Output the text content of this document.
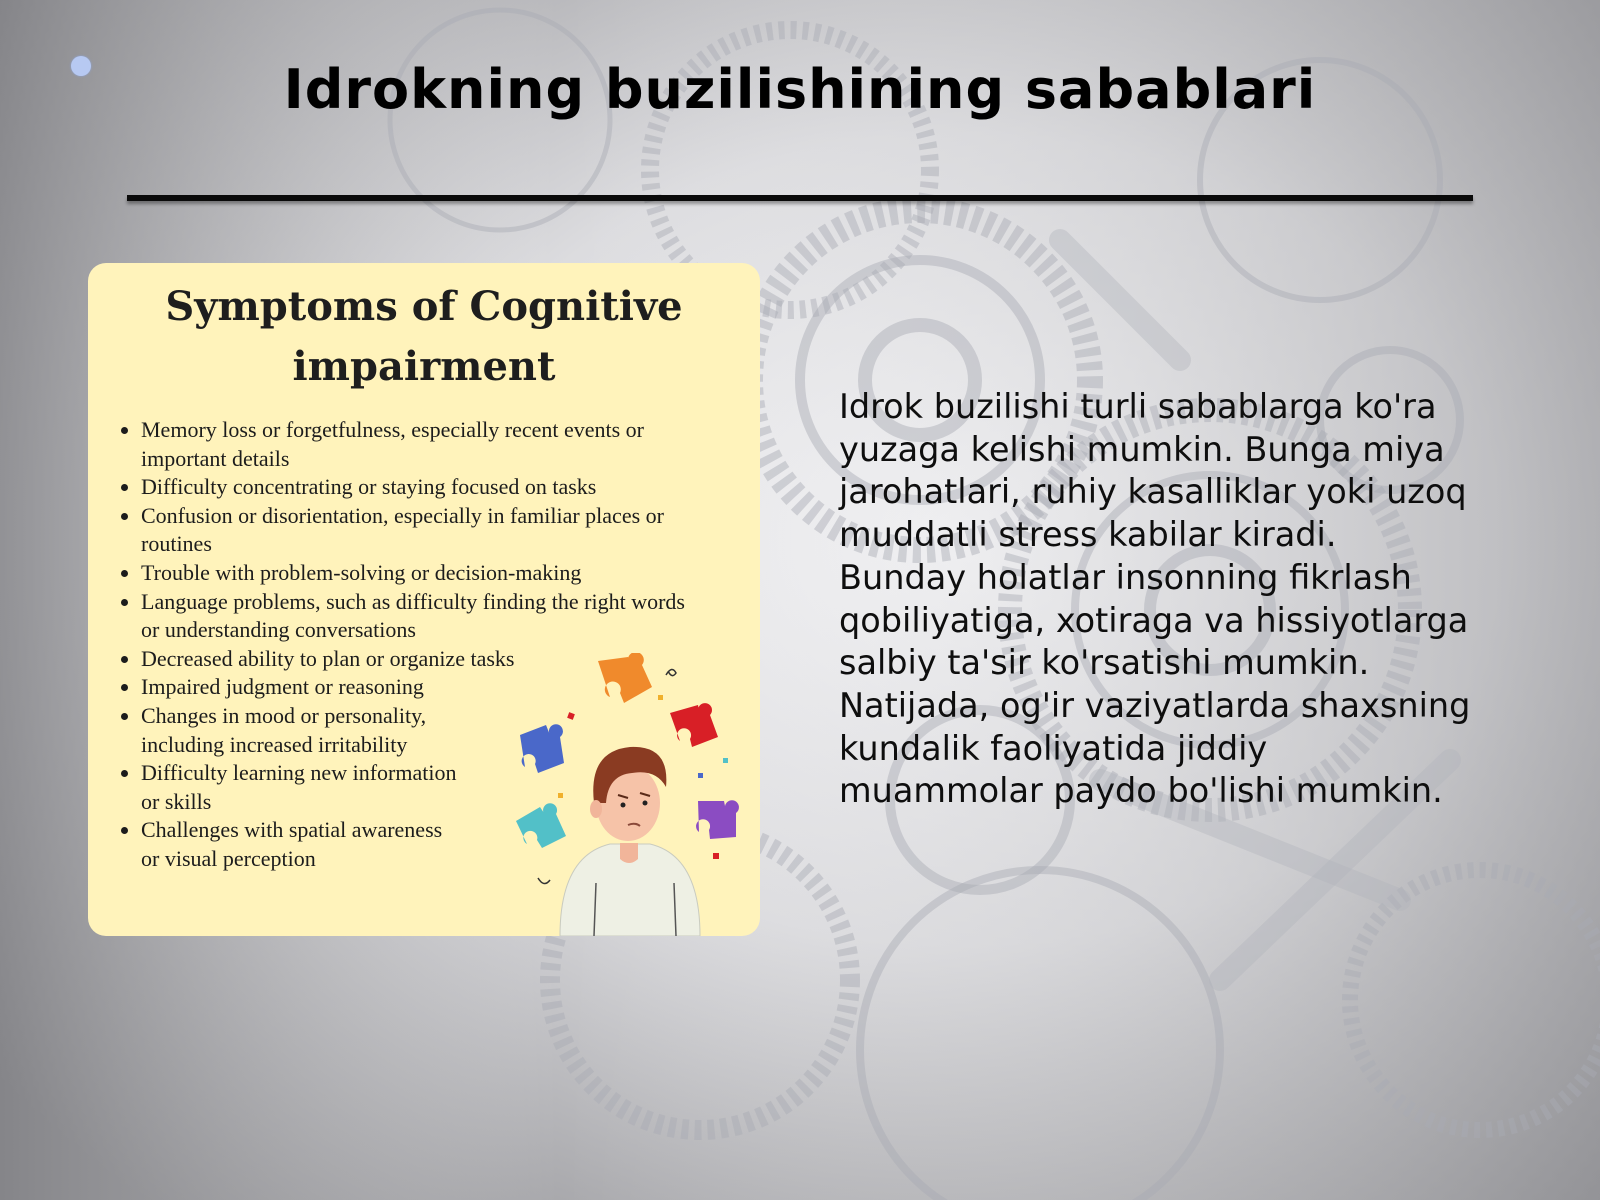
Idrokning buzilishining sabablari
Symptoms of Cognitive
impairment
• Memory loss or forgetfulness, especially recent events or
important details
• Difficulty concentrating or staying focused on tasks
• Confusion or disorientation, especially in familiar places or
routines
• Trouble with problem-solving or decision-making
• Language problems, such as difficulty finding the right words
or understanding conversations
• Decreased ability to plan or organize tasks
• Impaired judgment or reasoning
• Changes in mood or personality,
including increased irritability
• Difficulty learning new information
or skills
• Challenges with spatial awareness
or visual perception

Idrok buzilishi turli sabablarga ko'ra
yuzaga kelishi mumkin. Bunga miya
jarohatlari, ruhiy kasalliklar yoki uzoq
muddatli stress kabilar kiradi.
Bunday holatlar insonning fikrlash
qobiliyatiga, xotiraga va hissiyotlarga
salbiy ta'sir ko'rsatishi mumkin.
Natijada, og'ir vaziyatlarda shaxsning
kundalik faoliyatida jiddiy
muammolar paydo bo'lishi mumkin.
